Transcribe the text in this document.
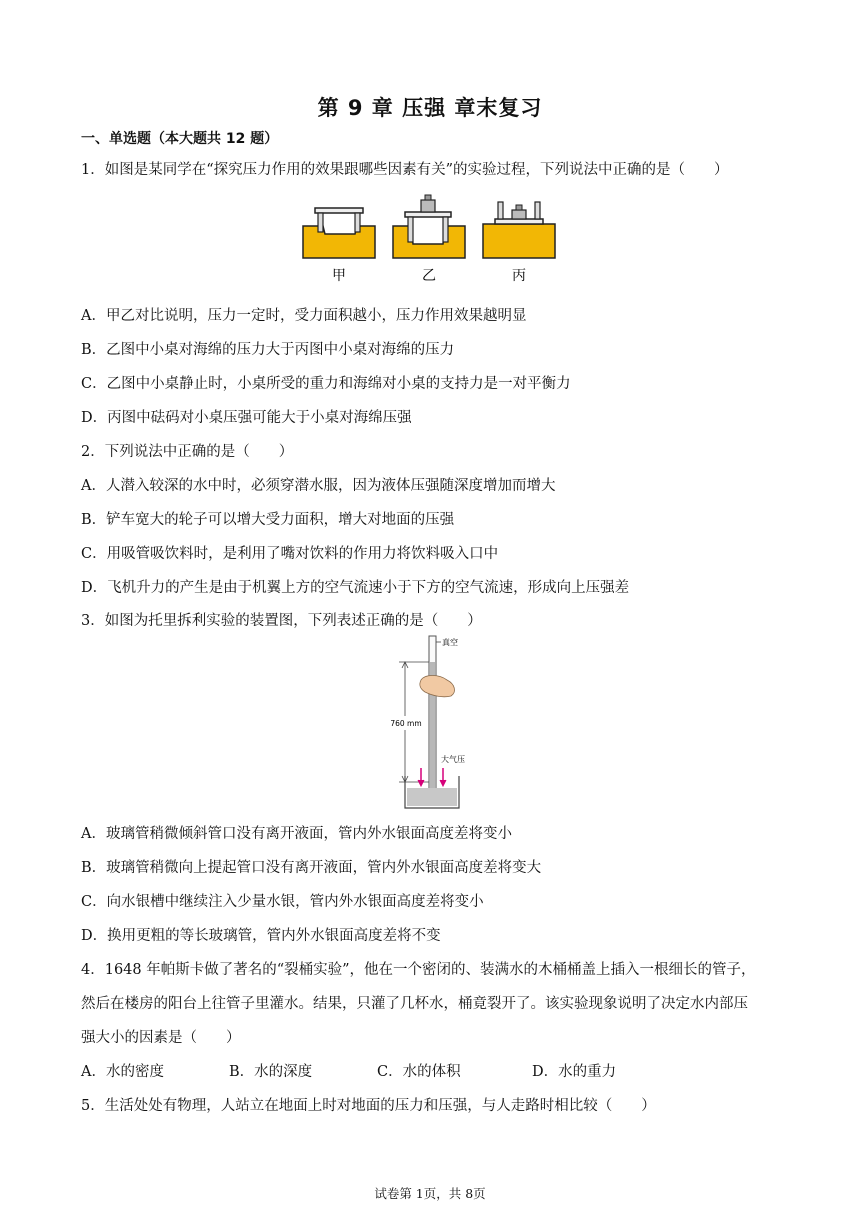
第 9 章 压强 章末复习
一、单选题（本大题共 12 题）
1．如图是某同学在“探究压力作用的效果跟哪些因素有关”的实验过程，下列说法中正确的是（　　）
甲	乙	丙
A．甲乙对比说明，压力一定时，受力面积越小，压力作用效果越明显
B．乙图中小桌对海绵的压力大于丙图中小桌对海绵的压力
C．乙图中小桌静止时，小桌所受的重力和海绵对小桌的支持力是一对平衡力
D．丙图中砝码对小桌压强可能大于小桌对海绵压强
2．下列说法中正确的是（　　）
A．人潜入较深的水中时，必须穿潜水服，因为液体压强随深度增加而增大
B．铲车宽大的轮子可以增大受力面积，增大对地面的压强
C．用吸管吸饮料时，是利用了嘴对饮料的作用力将饮料吸入口中
D．飞机升力的产生是由于机翼上方的空气流速小于下方的空气流速，形成向上压强差
3．如图为托里拆利实验的装置图，下列表述正确的是（　　）
760 mm
真空
大气压
A．玻璃管稍微倾斜管口没有离开液面，管内外水银面高度差将变小
B．玻璃管稍微向上提起管口没有离开液面，管内外水银面高度差将变大
C．向水银槽中继续注入少量水银，管内外水银面高度差将变小
D．换用更粗的等长玻璃管，管内外水银面高度差将不变
4．1648 年帕斯卡做了著名的“裂桶实验”，他在一个密闭的、装满水的木桶桶盖上插入一根细长的管子，
然后在楼房的阳台上往管子里灌水。结果，只灌了几杯水，桶竟裂开了。该实验现象说明了决定水内部压
强大小的因素是（　　）
A．水的密度	B．水的深度	C．水的体积	D．水的重力
5．生活处处有物理，人站立在地面上时对地面的压力和压强，与人走路时相比较（　　）
试卷第 1页，共 8页
